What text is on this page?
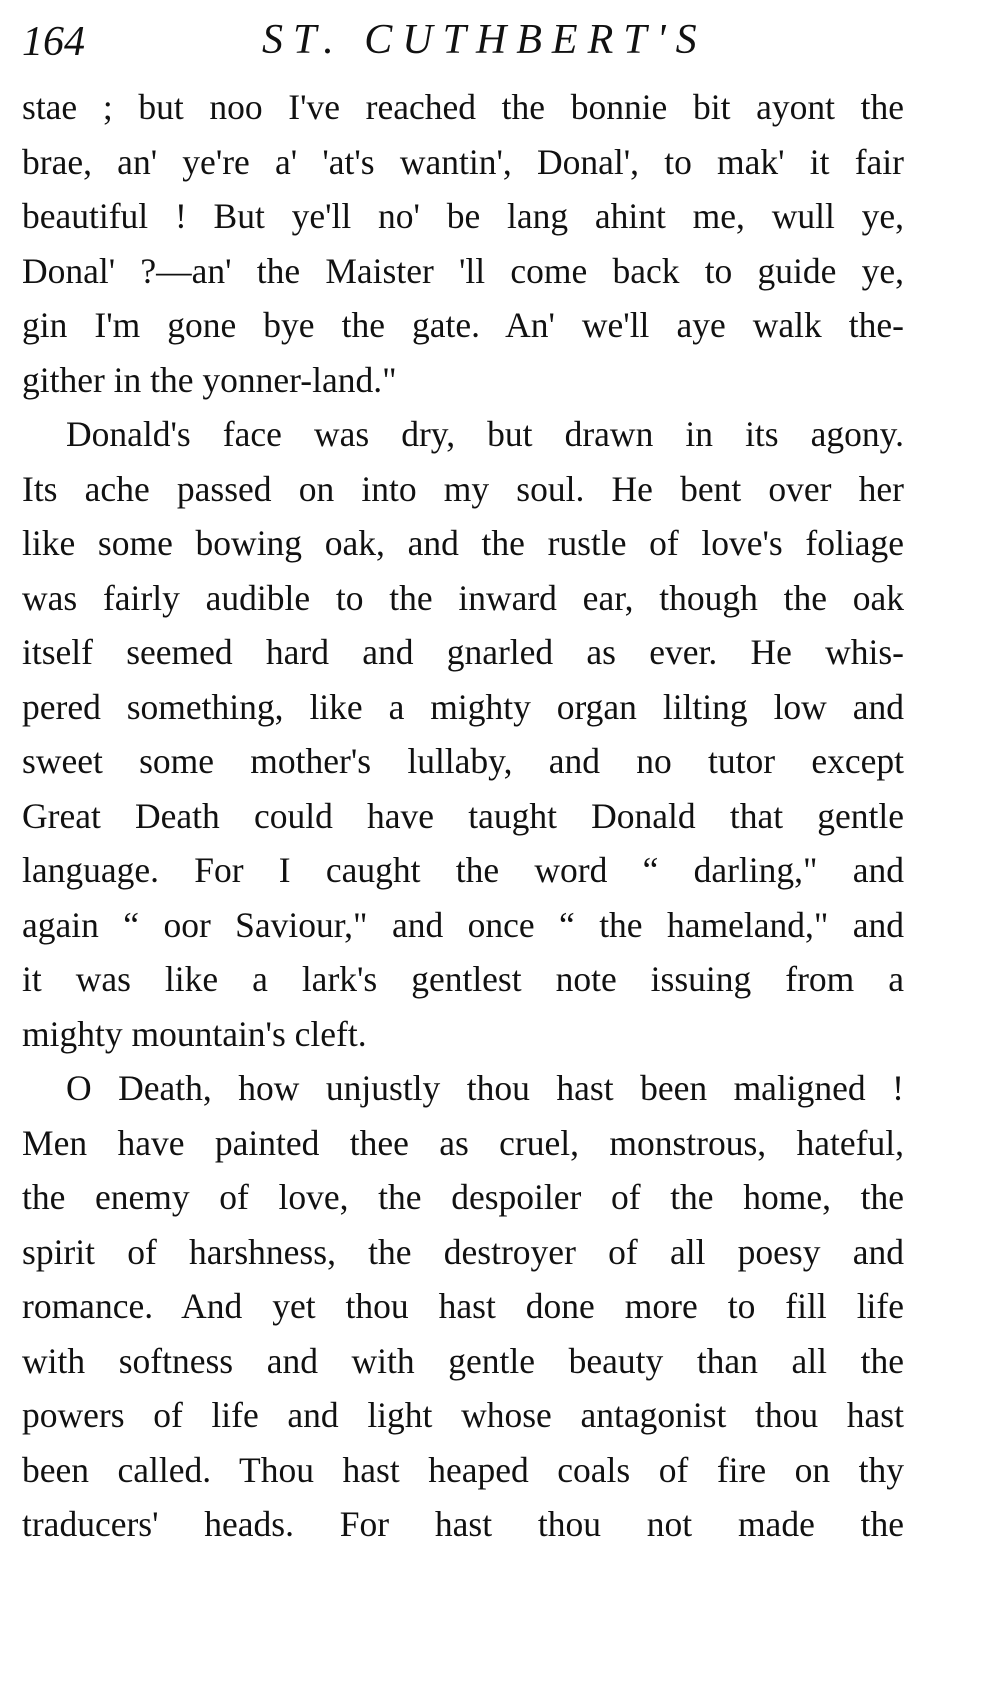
164	ST. CUTHBERT'S
stae ; but noo I've reached the bonnie bit ayont the
brae, an' ye're a' 'at's wantin', Donal', to mak' it fair
beautiful ! But ye'll no' be lang ahint me, wull ye,
Donal' ?—an' the Maister 'll come back to guide ye,
gin I'm gone bye the gate. An' we'll aye walk the-
gither in the yonner-land."
Donald's face was dry, but drawn in its agony.
Its ache passed on into my soul. He bent over her
like some bowing oak, and the rustle of love's foliage
was fairly audible to the inward ear, though the oak
itself seemed hard and gnarled as ever. He whis-
pered something, like a mighty organ lilting low and
sweet some mother's lullaby, and no tutor except
Great Death could have taught Donald that gentle
language. For I caught the word “ darling," and
again “ oor Saviour," and once “ the hameland," and
it was like a lark's gentlest note issuing from a
mighty mountain's cleft.
O Death, how unjustly thou hast been maligned !
Men have painted thee as cruel, monstrous, hateful,
the enemy of love, the despoiler of the home, the
spirit of harshness, the destroyer of all poesy and
romance. And yet thou hast done more to fill life
with softness and with gentle beauty than all the
powers of life and light whose antagonist thou hast
been called. Thou hast heaped coals of fire on thy
traducers' heads. For hast thou not made the
